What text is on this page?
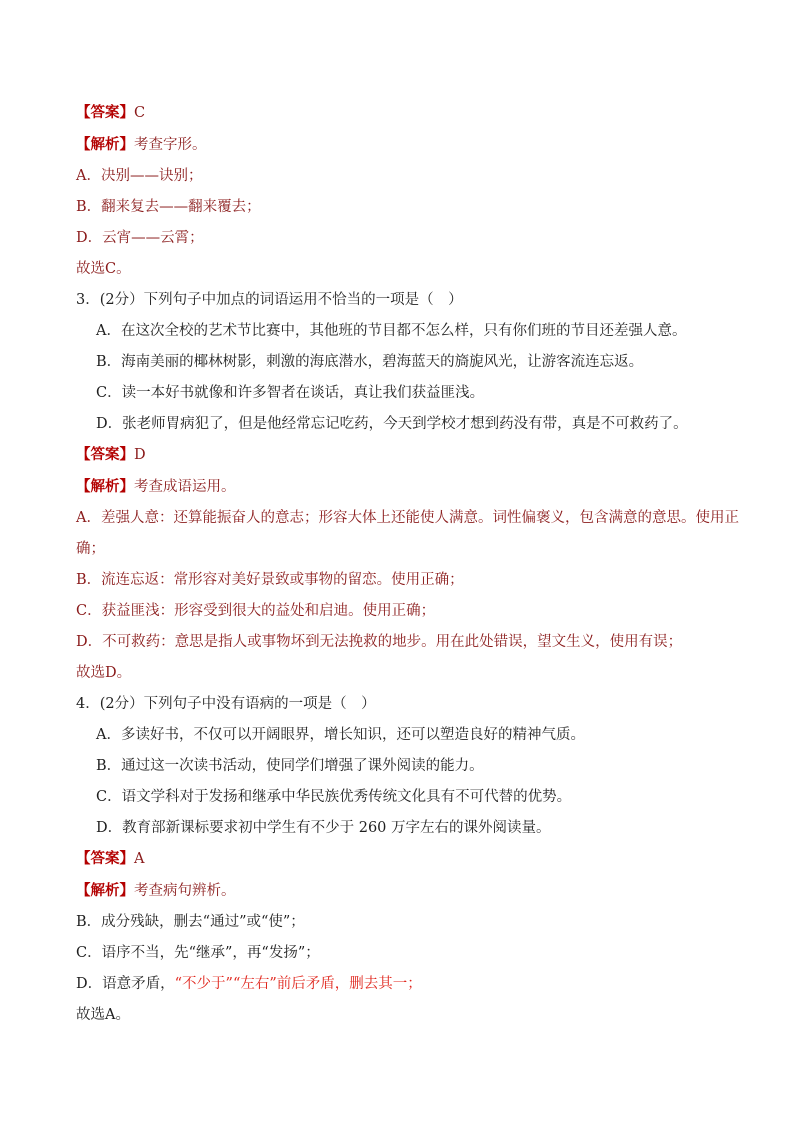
【答案】C
【解析】考查字形。
A．决别——诀别；
B．翻来复去——翻来覆去；
D．云宵——云霄；
故选C。
3．(2分）下列句子中加点的词语运用不恰当的一项是（　）
A．在这次全校的艺术节比赛中，其他班的节目都不怎么样，只有你们班的节目还差强人意。
B．海南美丽的椰林树影，刺激的海底潜水，碧海蓝天的旖旎风光，让游客流连忘返。
C．读一本好书就像和许多智者在谈话，真让我们获益匪浅。
D．张老师胃病犯了，但是他经常忘记吃药，今天到学校才想到药没有带，真是不可救药了。
【答案】D
【解析】考查成语运用。
A．差强人意：还算能振奋人的意志；形容大体上还能使人满意。词性偏褒义，包含满意的意思。使用正
确；
B．流连忘返：常形容对美好景致或事物的留恋。使用正确；
C．获益匪浅：形容受到很大的益处和启迪。使用正确；
D．不可救药：意思是指人或事物坏到无法挽救的地步。用在此处错误，望文生义，使用有误；
故选D。
4．(2分）下列句子中没有语病的一项是（　）
A．多读好书，不仅可以开阔眼界，增长知识，还可以塑造良好的精神气质。
B．通过这一次读书活动，使同学们增强了课外阅读的能力。
C．语文学科对于发扬和继承中华民族优秀传统文化具有不可代替的优势。
D．教育部新课标要求初中学生有不少于 260 万字左右的课外阅读量。
【答案】A
【解析】考查病句辨析。
B．成分残缺，删去“通过”或“使”；
C．语序不当，先“继承”，再“发扬”；
D．语意矛盾，“不少于”“左右”前后矛盾，删去其一；
故选A。
